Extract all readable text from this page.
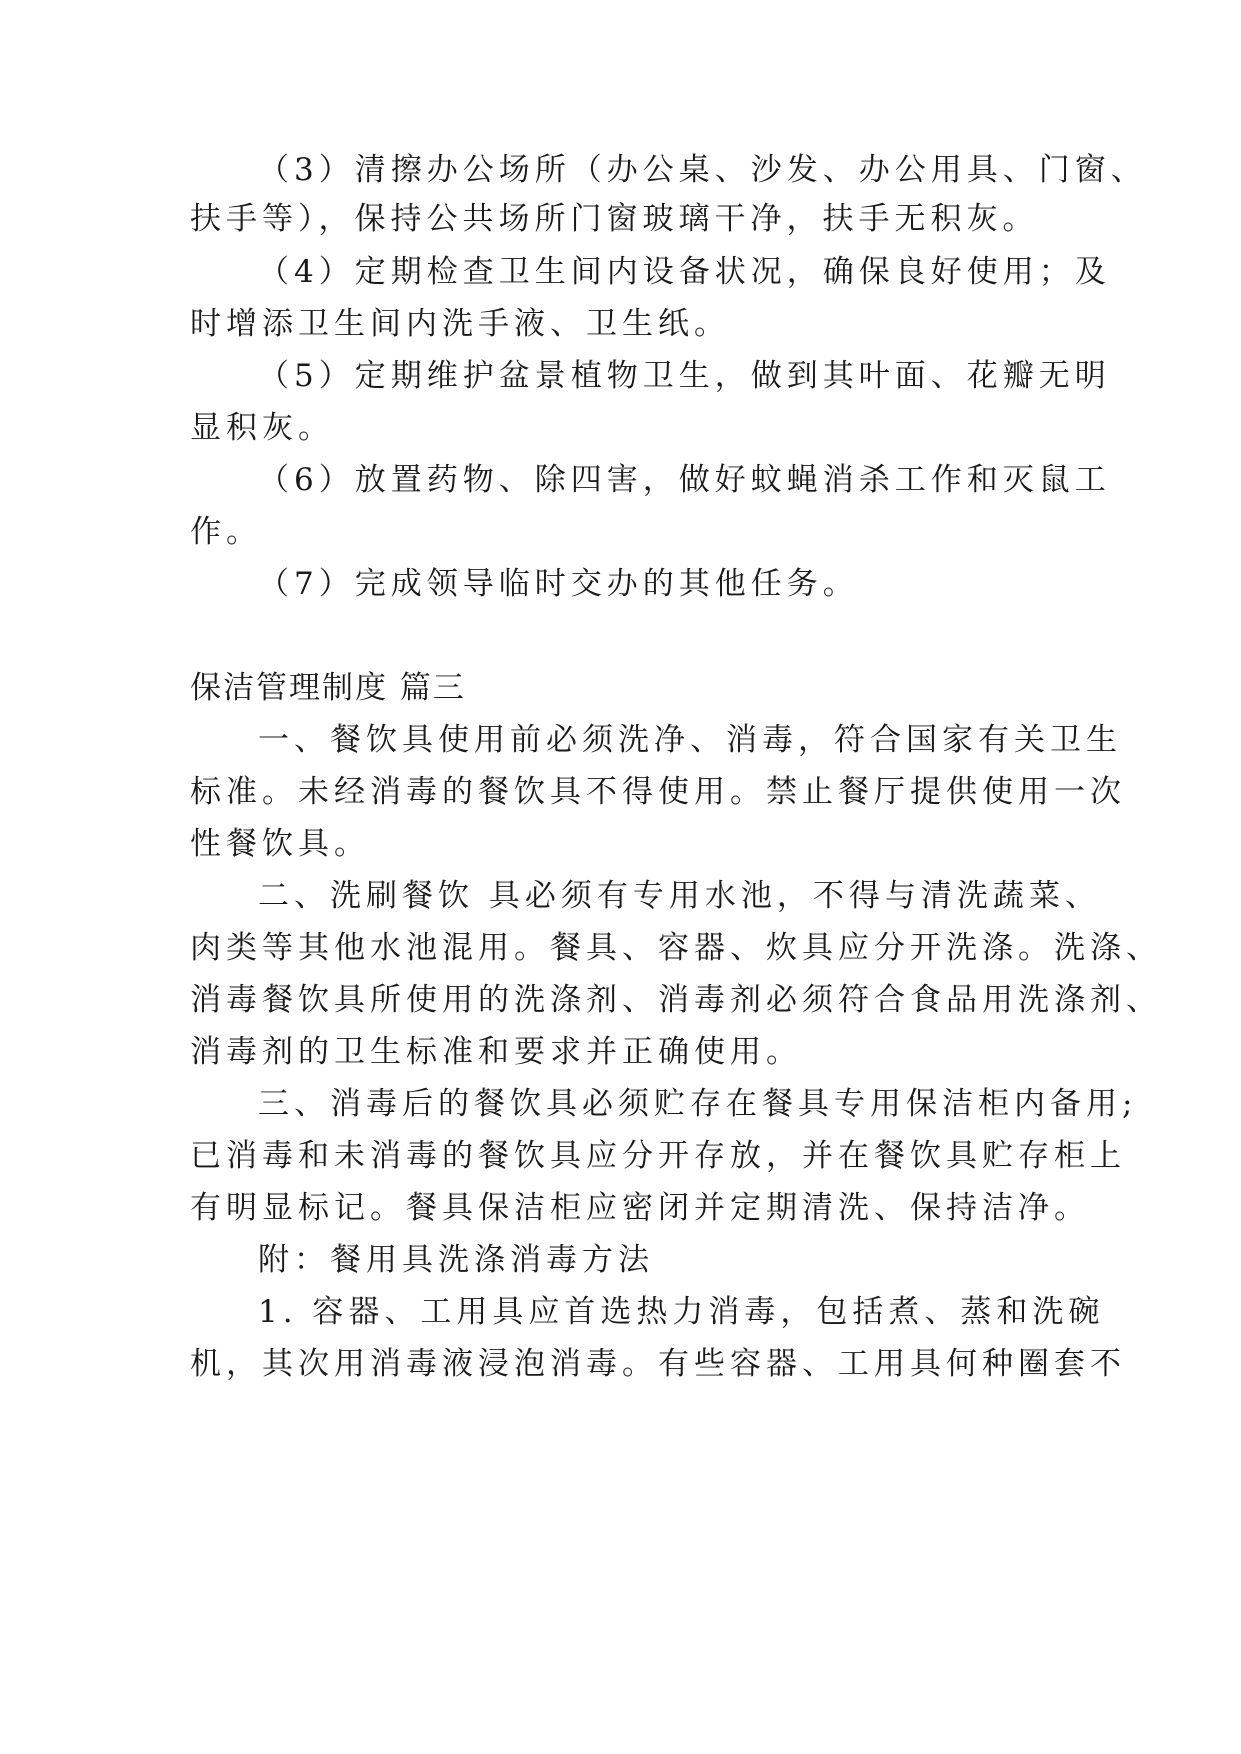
（3）清擦办公场所（办公桌、沙发、办公用具、门窗、
扶手等），保持公共场所门窗玻璃干净，扶手无积灰。
（4）定期检查卫生间内设备状况，确保良好使用；及
时增添卫生间内洗手液、卫生纸。
（5）定期维护盆景植物卫生，做到其叶面、花瓣无明
显积灰。
（6）放置药物、除四害，做好蚊蝇消杀工作和灭鼠工
作。
（7）完成领导临时交办的其他任务。
保洁管理制度 篇三
一、餐饮具使用前必须洗净、消毒，符合国家有关卫生
标准。未经消毒的餐饮具不得使用。禁止餐厅提供使用一次
性餐饮具。
二、洗刷餐饮 具必须有专用水池，不得与清洗蔬菜、
肉类等其他水池混用。餐具、容器、炊具应分开洗涤。洗涤、
消毒餐饮具所使用的洗涤剂、消毒剂必须符合食品用洗涤剂、
消毒剂的卫生标准和要求并正确使用。
三、消毒后的餐饮具必须贮存在餐具专用保洁柜内备用;
已消毒和未消毒的餐饮具应分开存放，并在餐饮具贮存柜上
有明显标记。餐具保洁柜应密闭并定期清洗、保持洁净。
附：餐用具洗涤消毒方法
1. 容器、工用具应首选热力消毒，包括煮、蒸和洗碗
机，其次用消毒液浸泡消毒。有些容器、工用具何种圈套不
